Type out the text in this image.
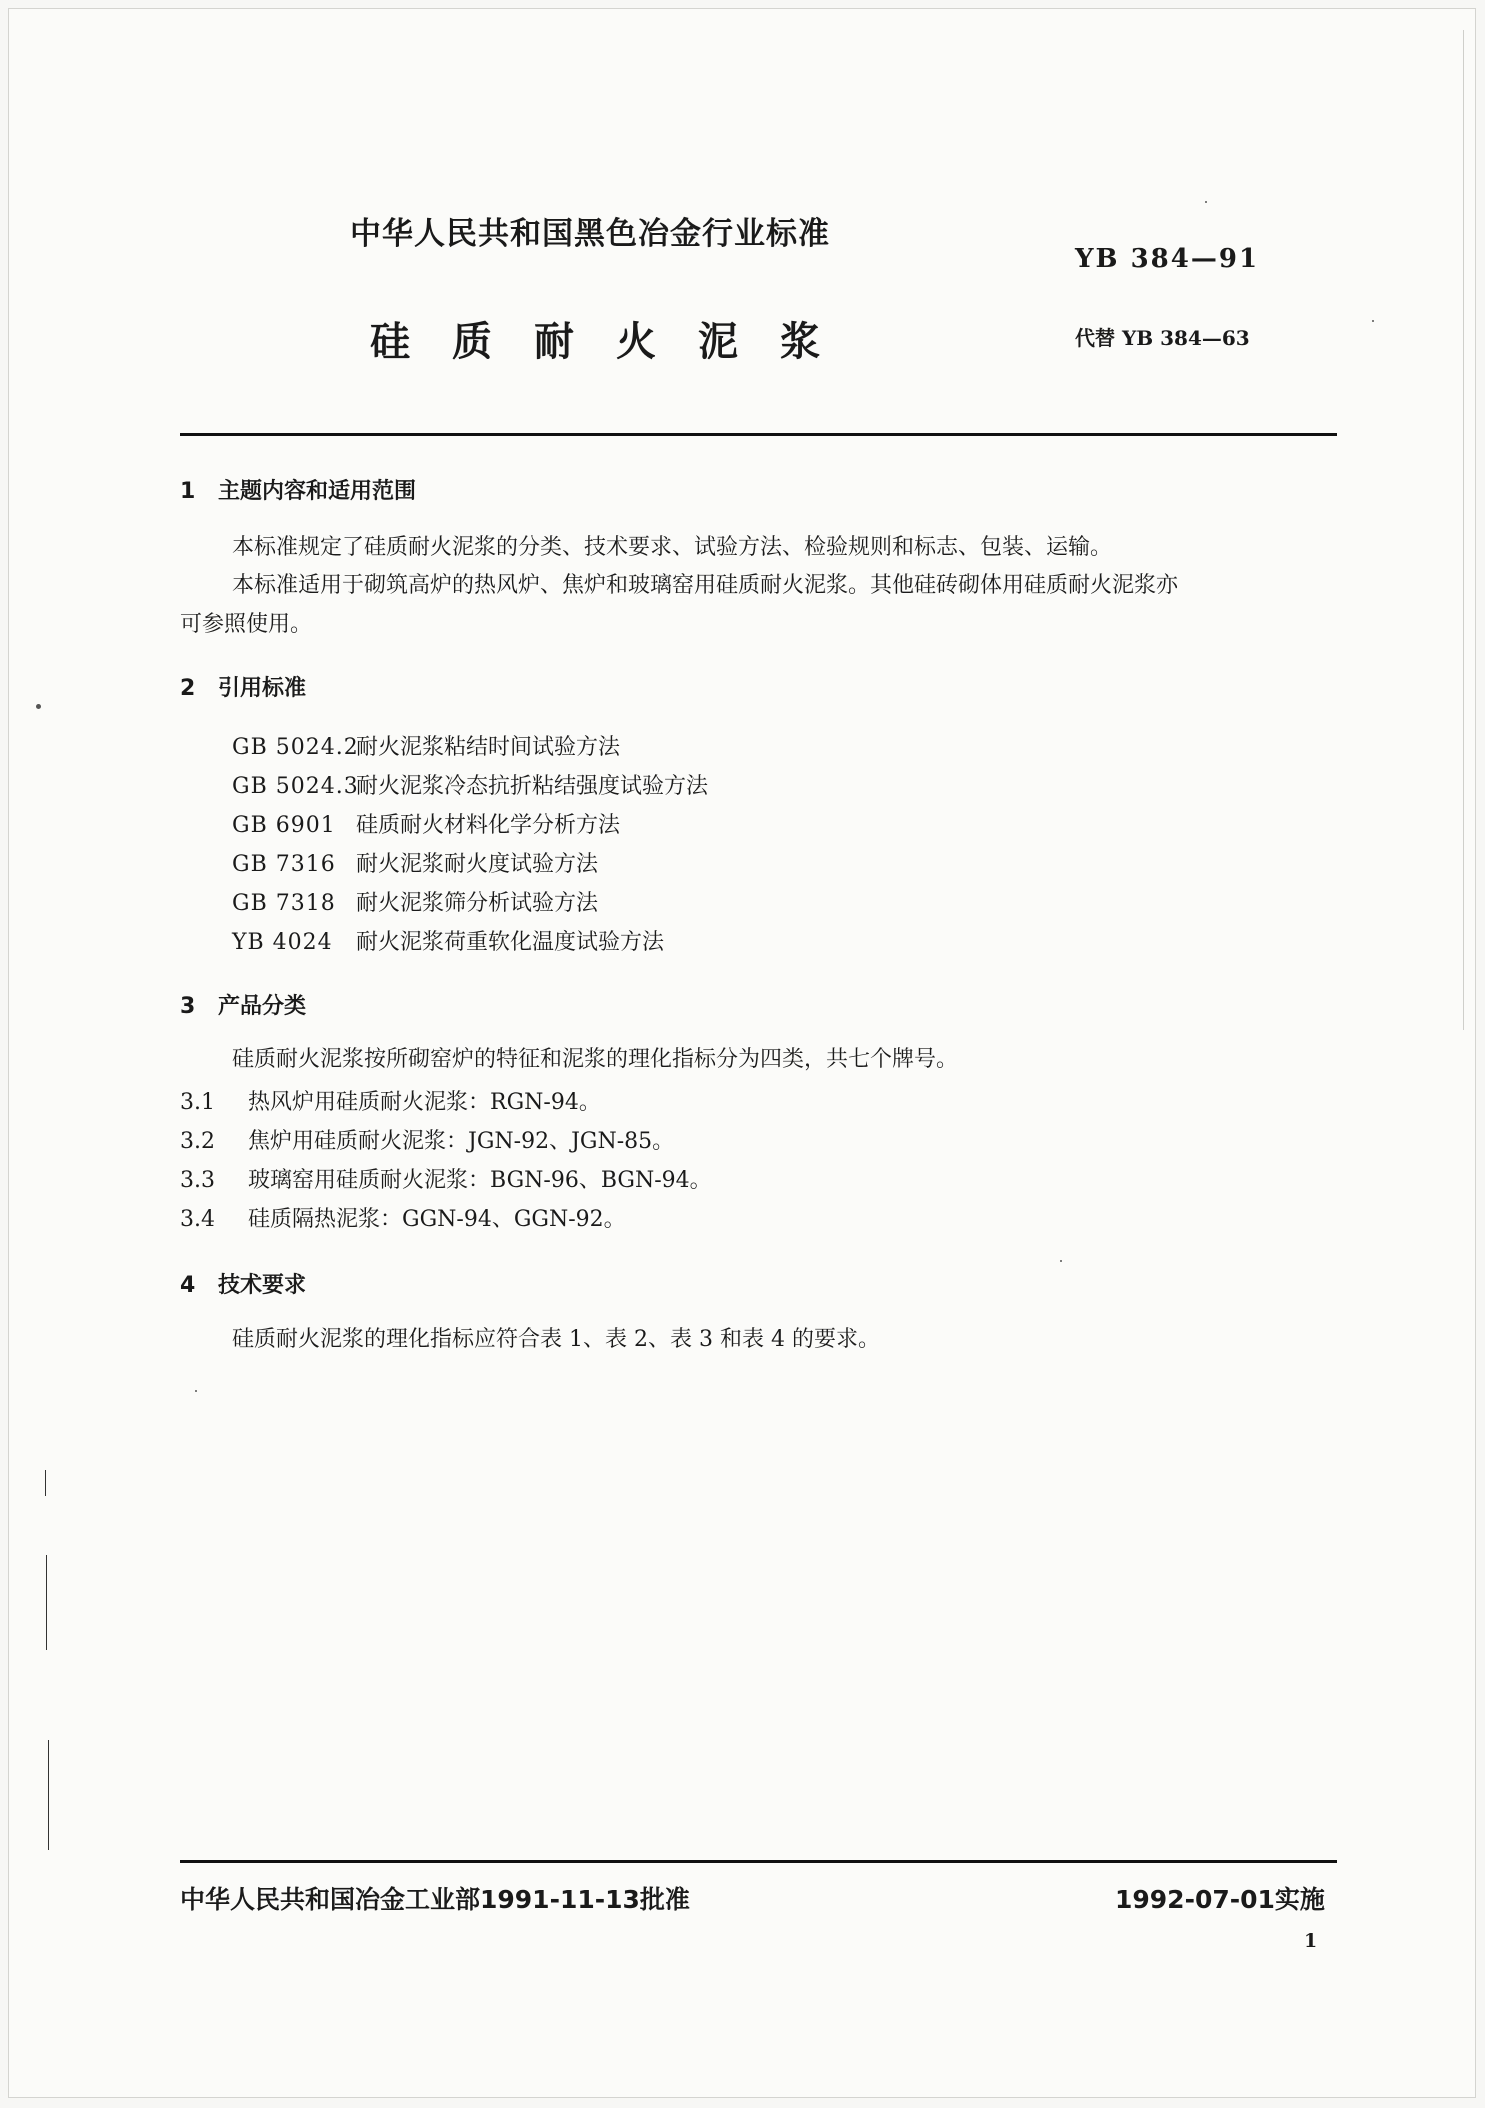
中华人民共和国黑色冶金行业标准
YB 384—91
硅质耐火泥浆	代替 YB 384—63
1 主题内容和适用范围
本标准规定了硅质耐火泥浆的分类、技术要求、试验方法、检验规则和标志、包装、运输。
本标准适用于砌筑高炉的热风炉、焦炉和玻璃窑用硅质耐火泥浆。其他硅砖砌体用硅质耐火泥浆亦
可参照使用。
2 引用标准
GB 5024.2耐火泥浆粘结时间试验方法
GB 5024.3耐火泥浆冷态抗折粘结强度试验方法
GB 6901 硅质耐火材料化学分析方法
GB 7316 耐火泥浆耐火度试验方法
GB 7318 耐火泥浆筛分析试验方法
YB 4024 耐火泥浆荷重软化温度试验方法
3 产品分类
硅质耐火泥浆按所砌窑炉的特征和泥浆的理化指标分为四类，共七个牌号。
3.1 热风炉用硅质耐火泥浆：RGN-94。
3.2 焦炉用硅质耐火泥浆：JGN-92、JGN-85。
3.3 玻璃窑用硅质耐火泥浆：BGN-96、BGN-94。
3.4 硅质隔热泥浆：GGN-94、GGN-92。
4 技术要求
硅质耐火泥浆的理化指标应符合表 1、表 2、表 3 和表 4 的要求。
中华人民共和国冶金工业部1991-11-13批准	1992-07-01实施
1
